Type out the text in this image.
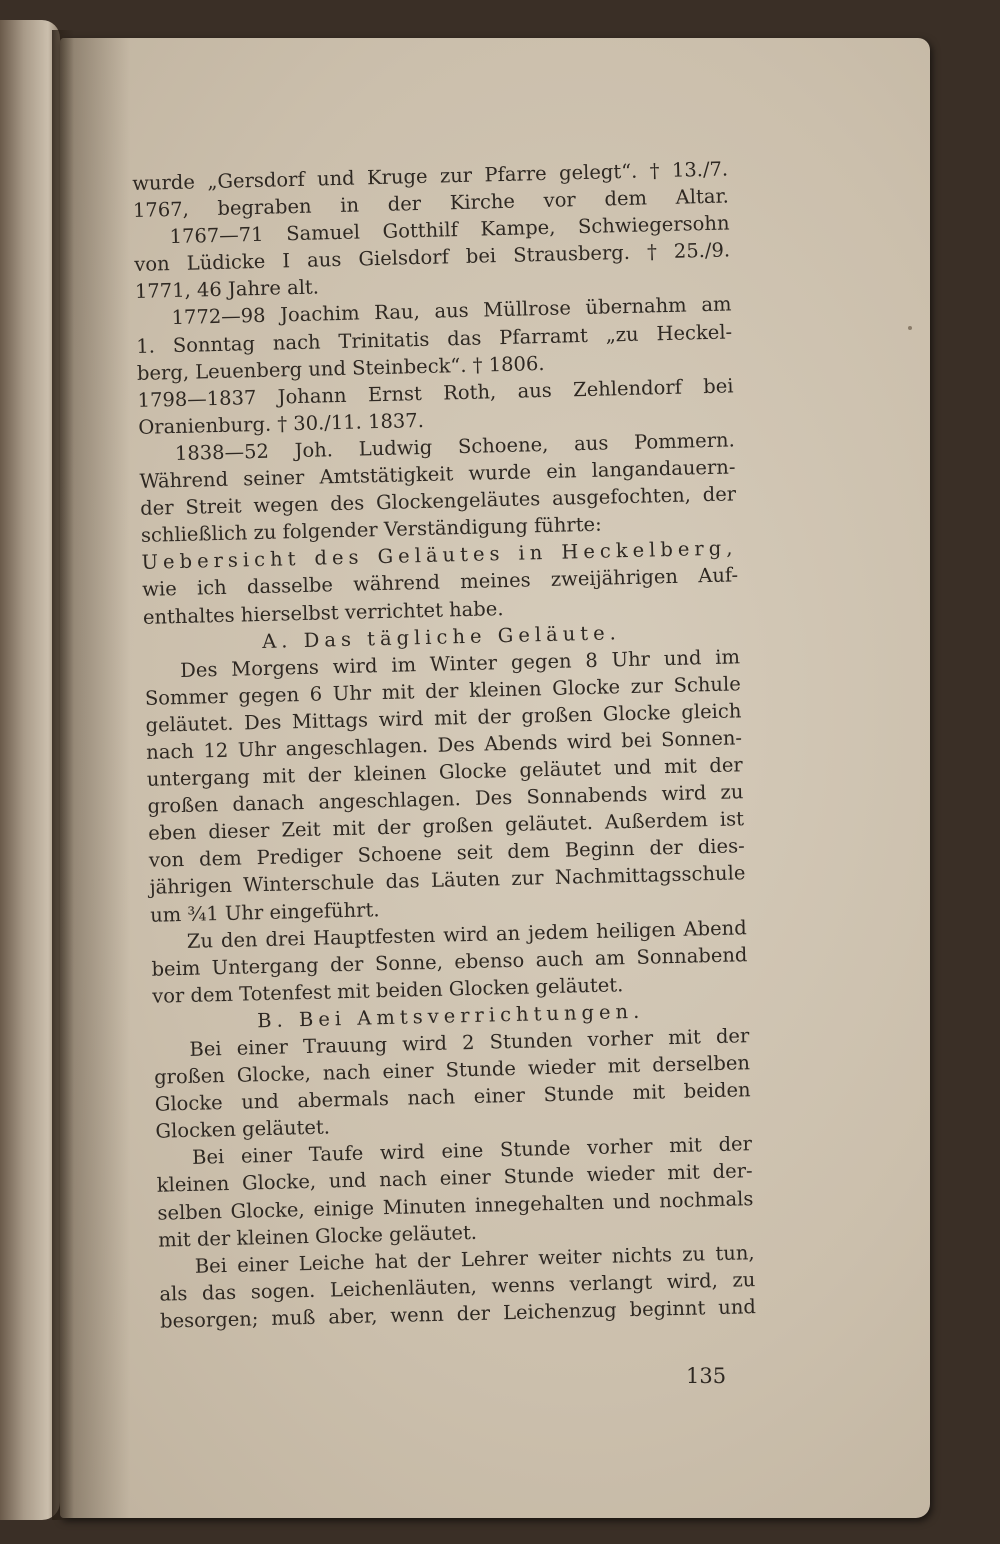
wurde „Gersdorf und Kruge zur Pfarre gelegt“. † 13./7.
1767, begraben in der Kirche vor dem Altar.
1767—71 Samuel Gotthilf Kampe, Schwiegersohn
von Lüdicke I aus Gielsdorf bei Strausberg. † 25./9.
1771, 46 Jahre alt.
1772—98 Joachim Rau, aus Müllrose übernahm am
1. Sonntag nach Trinitatis das Pfarramt „zu Heckel-
berg, Leuenberg und Steinbeck“. † 1806.
1798—1837 Johann Ernst Roth, aus Zehlendorf bei
Oranienburg. † 30./11. 1837.
1838—52 Joh. Ludwig Schoene, aus Pommern.
Während seiner Amtstätigkeit wurde ein langandauern-
der Streit wegen des Glockengeläutes ausgefochten, der
schließlich zu folgender Verständigung führte:
Uebersicht des Geläutes in Heckelberg,
wie ich dasselbe während meines zweijährigen Auf-
enthaltes hierselbst verrichtet habe.
A. Das tägliche Geläute.
Des Morgens wird im Winter gegen 8 Uhr und im
Sommer gegen 6 Uhr mit der kleinen Glocke zur Schule
geläutet. Des Mittags wird mit der großen Glocke gleich
nach 12 Uhr angeschlagen. Des Abends wird bei Sonnen-
untergang mit der kleinen Glocke geläutet und mit der
großen danach angeschlagen. Des Sonnabends wird zu
eben dieser Zeit mit der großen geläutet. Außerdem ist
von dem Prediger Schoene seit dem Beginn der dies-
jährigen Winterschule das Läuten zur Nachmittagsschule
um ¾1 Uhr eingeführt.
Zu den drei Hauptfesten wird an jedem heiligen Abend
beim Untergang der Sonne, ebenso auch am Sonnabend
vor dem Totenfest mit beiden Glocken geläutet.
B. Bei Amtsverrichtungen.
Bei einer Trauung wird 2 Stunden vorher mit der
großen Glocke, nach einer Stunde wieder mit derselben
Glocke und abermals nach einer Stunde mit beiden
Glocken geläutet.
Bei einer Taufe wird eine Stunde vorher mit der
kleinen Glocke, und nach einer Stunde wieder mit der-
selben Glocke, einige Minuten innegehalten und nochmals
mit der kleinen Glocke geläutet.
Bei einer Leiche hat der Lehrer weiter nichts zu tun,
als das sogen. Leichenläuten, wenns verlangt wird, zu
besorgen; muß aber, wenn der Leichenzug beginnt und
135
